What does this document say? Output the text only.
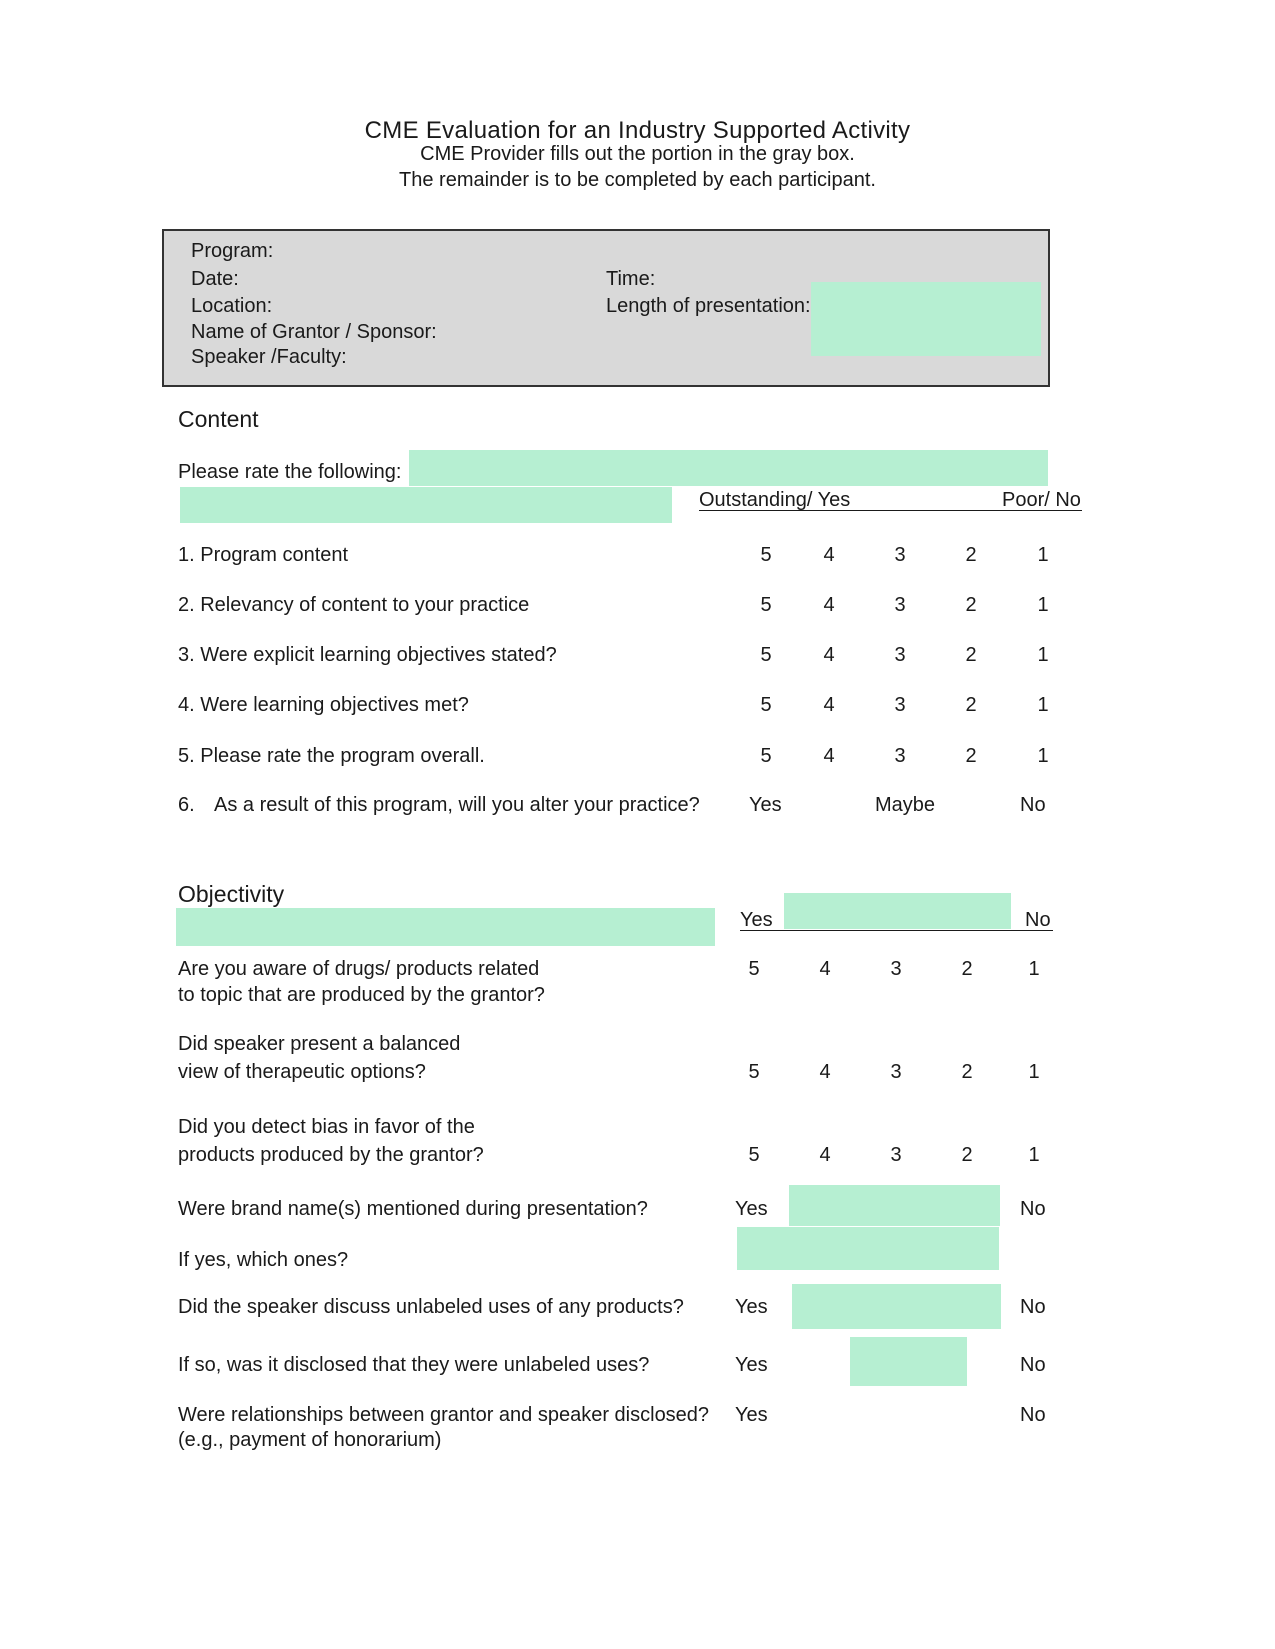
CME Evaluation for an Industry Supported Activity
CME Provider fills out the portion in the gray box.
The remainder is to be completed by each participant.
Program:
Date:
Location:
Name of Grantor / Sponsor:
Speaker /Faculty:
Time:
Length of presentation:
Content
Please rate the following:
Outstanding/ Yes	Poor/ No
1. Program content	5	4	3	2	1
2. Relevancy of content to your practice	5	4	3	2	1
3. Were explicit learning objectives stated?	5	4	3	2	1
4. Were learning objectives met?	5	4	3	2	1
5. Please rate the program overall.	5	4	3	2	1
6. As a result of this program, will you alter your practice? Yes	Maybe	No
Objectivity
Yes	No
Are you aware of drugs/ products related
to topic that are produced by the grantor?
5	4	3	2	1
Did speaker present a balanced
view of therapeutic options?	5	4	3	2	1
Did you detect bias in favor of the
products produced by the grantor?	5	4	3	2	1
Were brand name(s) mentioned during presentation?	Yes	No
If yes, which ones?
Did the speaker discuss unlabeled uses of any products?	Yes	No
If so, was it disclosed that they were unlabeled uses?	Yes	No
Were relationships between grantor and speaker disclosed?
(e.g., payment of honorarium)
Yes	No
